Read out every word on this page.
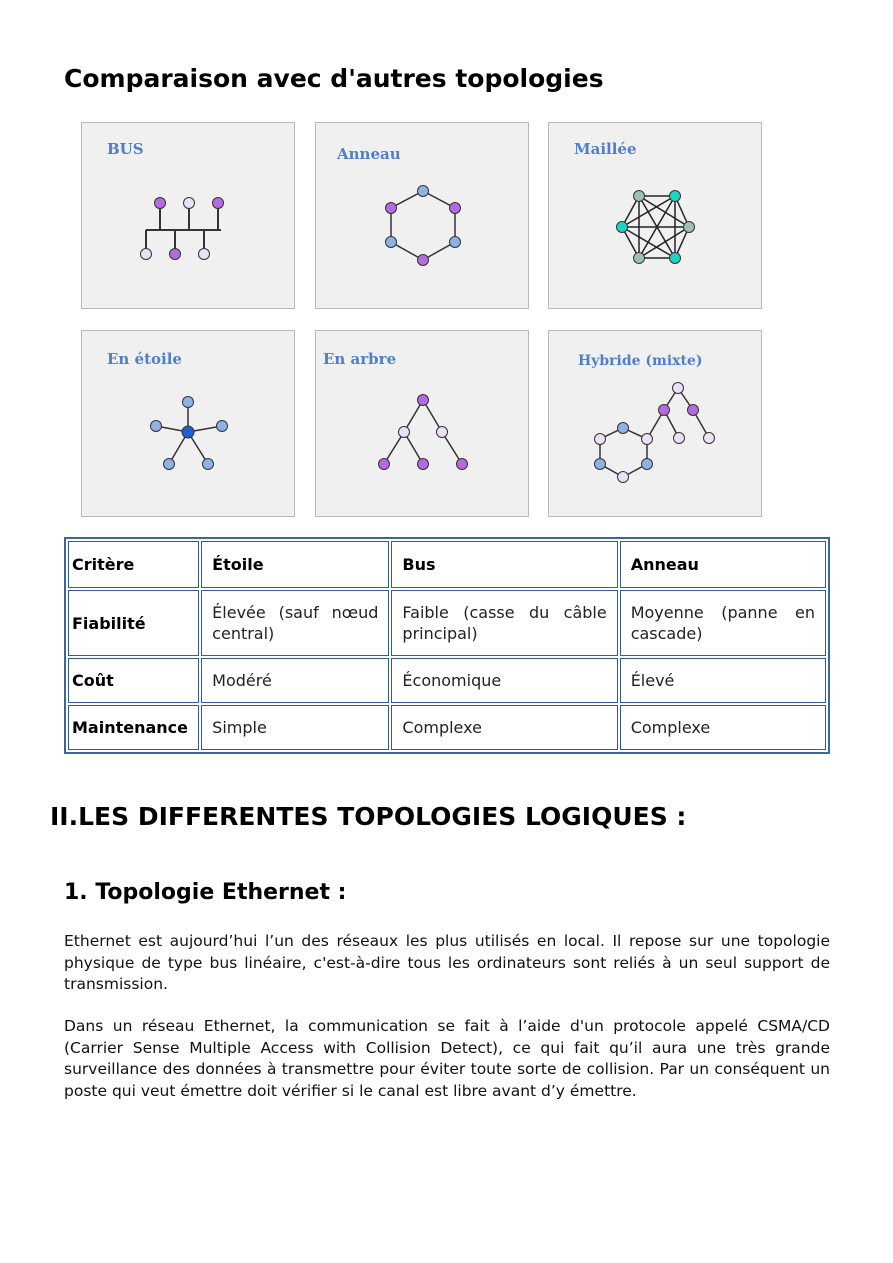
Comparaison avec d'autres topologies
BUS	Anneau	Maillée
En étoile	En arbre	Hybride (mixte)
Critère	Étoile	Bus	Anneau
Fiabilité	Élevée (sauf nœud central)	Faible (casse du câble principal)	Moyenne (panne en cascade)
Coût	Modéré	Économique	Élevé
Maintenance	Simple	Complexe	Complexe
II.LES DIFFERENTES TOPOLOGIES LOGIQUES :
1. Topologie Ethernet :

Ethernet est aujourd’hui l’un des réseaux les plus utilisés en local. Il repose sur une topologie physique de type bus linéaire, c'est-à-dire tous les ordinateurs sont reliés à un seul support de transmission.

Dans un réseau Ethernet, la communication se fait à l’aide d'un protocole appelé CSMA/CD (Carrier Sense Multiple Access with Collision Detect), ce qui fait qu’il aura une très grande surveillance des données à transmettre pour éviter toute sorte de collision. Par un conséquent un poste qui veut émettre doit vérifier si le canal est libre avant d’y émettre.
